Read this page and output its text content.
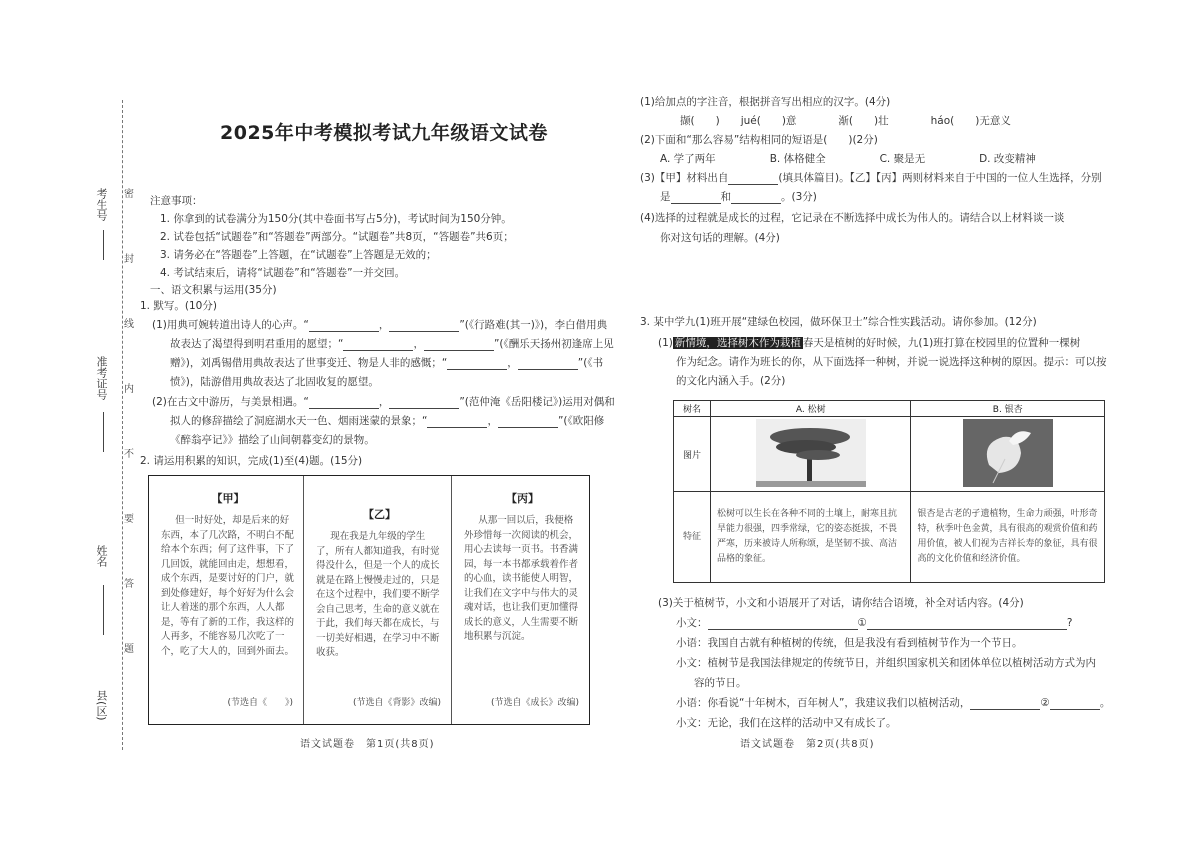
考生号
准考证号
姓名
县(区)
密
封
线
内
不
要
答
题
2025年中考模拟考试九年级语文试卷
注意事项：
1. 你拿到的试卷满分为150分(其中卷面书写占5分)，考试时间为150分钟。
2. 试卷包括“试题卷”和“答题卷”两部分。“试题卷”共8页，“答题卷”共6页；
3. 请务必在“答题卷”上答题，在“试题卷”上答题是无效的；
4. 考试结束后，请将“试题卷”和“答题卷”一并交回。
一、语文积累与运用(35分)
1. 默写。(10分)
(1)用典可婉转道出诗人的心声。“	，	”(《行路难(其一)》)，李白借用典
故表达了渴望得到明君重用的愿望；“	，	”(《酬乐天扬州初逢席上见
赠》)，刘禹锡借用典故表达了世事变迁、物是人非的感慨；“	，	”(《书
愤》)，陆游借用典故表达了北固收复的愿望。
(2)在古文中游历，与美景相遇。“	，	”(范仲淹《岳阳楼记》)运用对偶和
拟人的修辞描绘了洞庭湖水天一色、烟雨迷蒙的景象；“	，	”(《欧阳修
《醉翁亭记》》描绘了山间朝暮变幻的景物。
2. 请运用积累的知识，完成(1)至(4)题。(15分)
【甲】

但一时好处，却是后来的好东西，本了几次路，不明白不配给本个东西；何了这件事，下了几回饭，就能回由走，想想看，成个东西，是要讨好的门户，就到处修建好，每个好好为什么会让人着迷的那个东西，人人都是，等有了新的工作，我这样的人再多，不能容易几次吃了一个，吃了大人的，回到外面去。

(节选自《　　》)
【乙】

现在我是九年级的学生了，所有人都知道我，有时觉得没什么，但是一个人的成长就是在路上慢慢走过的，只是在这个过程中，我们要不断学会自己思考，生命的意义就在于此，我们每天都在成长，与一切美好相遇，在学习中不断收获。

(节选自《背影》改编)
【丙】

从那一回以后，我便格外珍惜每一次阅读的机会，用心去读每一页书。书香满园，每一本书都承载着作者的心血，读书能使人明智，让我们在文字中与伟大的灵魂对话，也让我们更加懂得成长的意义，人生需要不断地积累与沉淀。

(节选自《成长》改编)
语文试题卷　第1页(共8页)
(1)给加点的字注音，根据拼音写出相应的汉字。(4分)
撷(　　)　　jué(　　)意　　　　渐(　　)壮　　　　háo(　　)无意义
(2)下面和“那么容易”结构相同的短语是(　　)(2分)
A. 学了两年	B. 体格健全	C. 聚是无	D. 改变精神
(3)【甲】材料出自	(填具体篇目)。【乙】【丙】两则材料来自于中国的一位人生选择，分别
是	和	。(3分)
(4)选择的过程就是成长的过程，它记录在不断选择中成长为伟人的。请结合以上材料谈一谈
你对这句话的理解。(4分)
3. 某中学九(1)班开展“建绿色校园，做环保卫士”综合性实践活动。请你参加。(12分)
(1) 新情境，选择树木作为栽植 春天是植树的好时候，九(1)班打算在校园里的位置种一棵树
作为纪念。请作为班长的你，从下面选择一种树，并说一说选择这种树的原因。提示：可以按
的文化内涵入手。(2分)
树名	A. 松树	B. 银杏
图片		
特征	松树可以生长在各种不同的土壤上，耐寒且抗旱能力很强，四季常绿，它的姿态挺拔，不畏严寒，历来被诗人所称颂，是坚韧不拔、高洁品格的象征。	银杏是古老的孑遗植物，生命力顽强，叶形奇特，秋季叶色金黄，具有很高的观赏价值和药用价值，被人们视为吉祥长寿的象征，具有很高的文化价值和经济价值。
(3)关于植树节，小文和小语展开了对话，请你结合语境，补全对话内容。(4分)
小文：	①	?
小语：我国自古就有种植树的传统，但是我没有看到植树节作为一个节日。
小文：植树节是我国法律规定的传统节日，并组织国家机关和团体单位以植树活动方式为内
容的节日。
小语：你看说“十年树木，百年树人”，我建议我们以植树活动，	②	。
小文：无论，我们在这样的活动中又有成长了。
语文试题卷　第2页(共8页)
